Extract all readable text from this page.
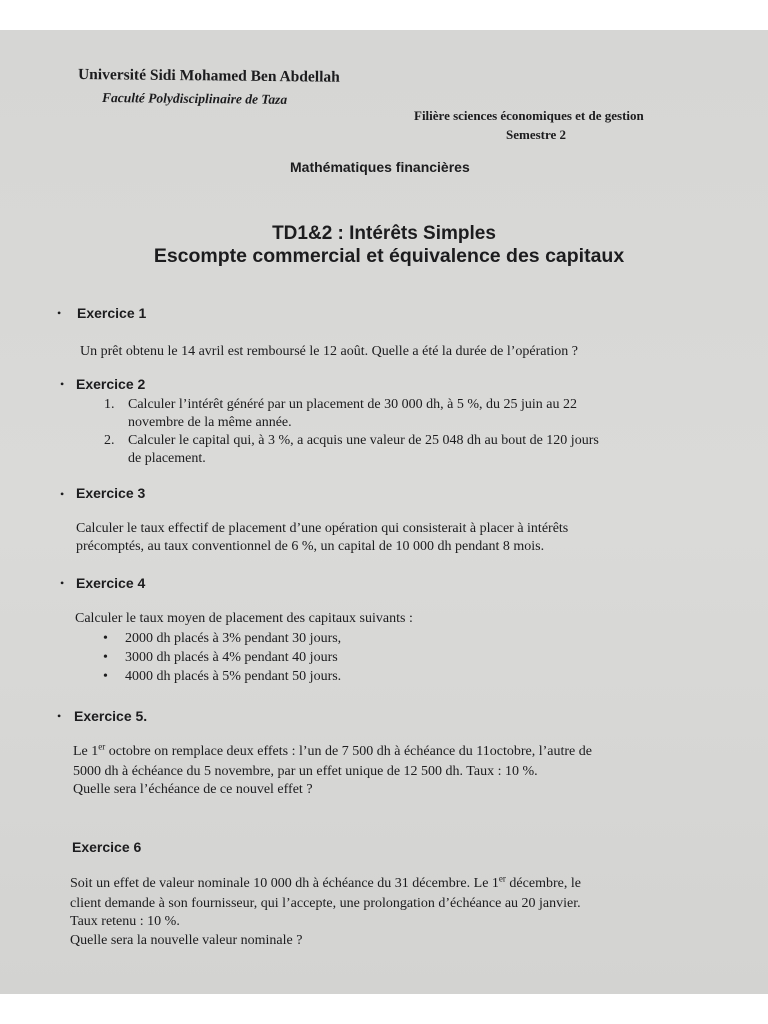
Université Sidi Mohamed Ben Abdellah
Faculté Polydisciplinaire de Taza
Filière sciences économiques et de gestion
Semestre 2
Mathématiques financières
TD1&2 : Intérêts Simples
Escompte commercial et équivalence des capitaux
• Exercice 1
Un prêt obtenu le 14 avril est remboursé le 12 août. Quelle a été la durée de l’opération ?
• Exercice 2
1. Calculer l’intérêt généré par un placement de 30 000 dh, à 5 %, du 25 juin au 22
novembre de la même année.
2. Calculer le capital qui, à 3 %, a acquis une valeur de 25 048 dh au bout de 120 jours
de placement.
• Exercice 3
Calculer le taux effectif de placement d’une opération qui consisterait à placer à intérêts
précomptés, au taux conventionnel de 6 %, un capital de 10 000 dh pendant 8 mois.
• Exercice 4
Calculer le taux moyen de placement des capitaux suivants :
• 2000 dh placés à 3% pendant 30 jours,
• 3000 dh placés à 4% pendant 40 jours
• 4000 dh placés à 5% pendant 50 jours.
• Exercice 5.
Le 1er octobre on remplace deux effets : l’un de 7 500 dh à échéance du 11octobre, l’autre de
5000 dh à échéance du 5 novembre, par un effet unique de 12 500 dh. Taux : 10 %.
Quelle sera l’échéance de ce nouvel effet ?
Exercice 6
Soit un effet de valeur nominale 10 000 dh à échéance du 31 décembre. Le 1er décembre, le
client demande à son fournisseur, qui l’accepte, une prolongation d’échéance au 20 janvier.
Taux retenu : 10 %.
Quelle sera la nouvelle valeur nominale ?
